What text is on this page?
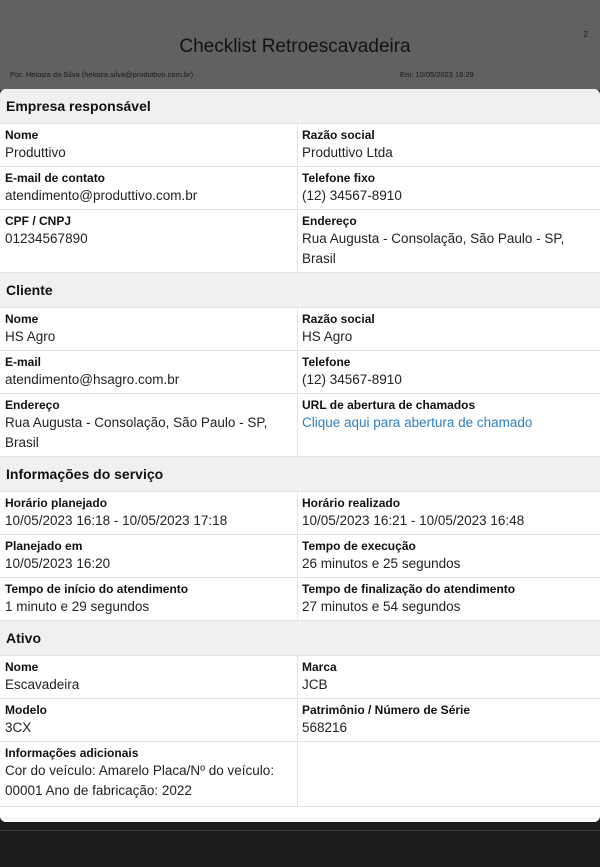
Empresa responsável
Nome
Produttivo
Razão social
Produttivo Ltda
E-mail de contato
atendimento@produttivo.com.br
Telefone fixo
(12) 34567-8910
CPF / CNPJ
01234567890
Endereço
Rua Augusta - Consolação, São Paulo - SP, Brasil
Cliente
Nome
HS Agro
Razão social
HS Agro
E-mail
atendimento@hsagro.com.br
Telefone
(12) 34567-8910
Endereço
Rua Augusta - Consolação, São Paulo - SP, Brasil
URL de abertura de chamados
Clique aqui para abertura de chamado
Informações do serviço
Horário planejado
10/05/2023 16:18 - 10/05/2023 17:18
Horário realizado
10/05/2023 16:21 - 10/05/2023 16:48
Planejado em
10/05/2023 16:20
Tempo de execução
26 minutos e 25 segundos
Tempo de início do atendimento
1 minuto e 29 segundos
Tempo de finalização do atendimento
27 minutos e 54 segundos
Ativo
Nome
Escavadeira
Marca
JCB
Modelo
3CX
Patrimônio / Número de Série
568216
Informações adicionais
Cor do veículo: Amarelo Placa/Nº do veículo: 00001 Ano de fabricação: 2022
